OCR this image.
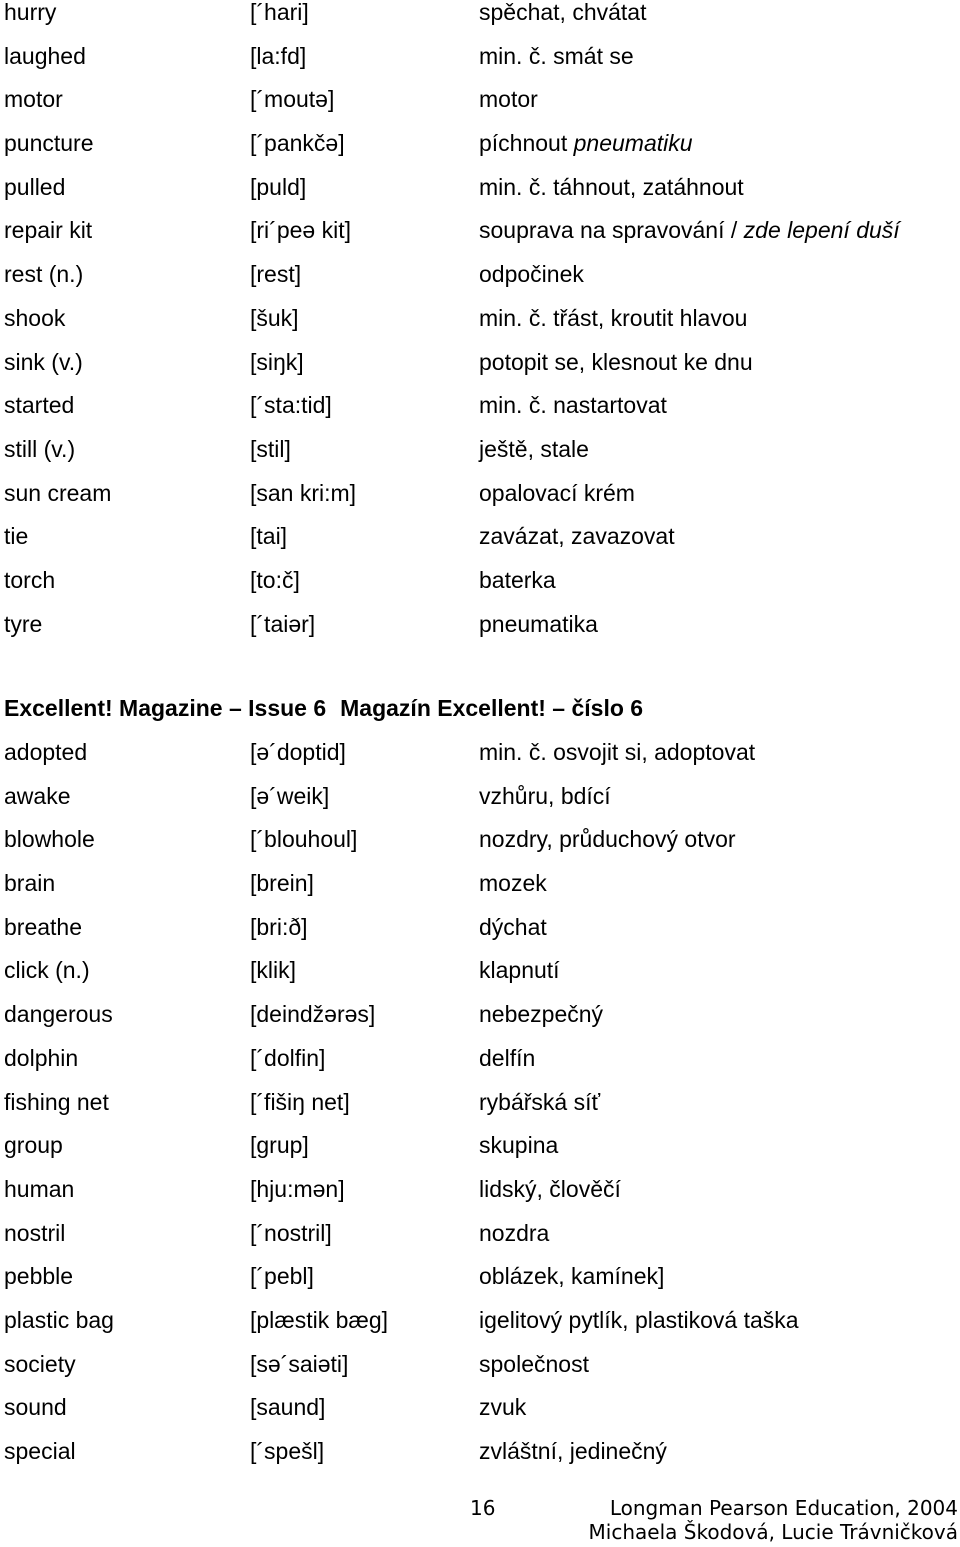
hurry	[´hari]	spěchat, chvátat
laughed	[la:fd]	min. č. smát se
motor	[´moutə]	motor
puncture	[´pankčə]	píchnout pneumatiku
pulled	[puld]	min. č. táhnout, zatáhnout
repair kit	[ri´peə kit]	souprava na spravování / zde lepení duší
rest (n.)	[rest]	odpočinek
shook	[šuk]	min. č. třást, kroutit hlavou
sink (v.)	[siŋk]	potopit se, klesnout ke dnu
started	[´sta:tid]	min. č. nastartovat
still (v.)	[stil]	ještě, stale
sun cream	[san kri:m]	opalovací krém
tie	[tai]	zavázat, zavazovat
torch	[to:č]	baterka
tyre	[´taiər]	pneumatika
Excellent! Magazine – Issue 6 Magazín Excellent! – číslo 6
adopted	[ə´doptid]	min. č. osvojit si, adoptovat
awake	[ə´weik]	vzhůru, bdící
blowhole	[´blouhoul]	nozdry, průduchový otvor
brain	[brein]	mozek
breathe	[bri:ð]	dýchat
click (n.)	[klik]	klapnutí
dangerous	[deindžərəs]	nebezpečný
dolphin	[´dolfin]	delfín
fishing net	[´fišiŋ net]	rybářská síť
group	[grup]	skupina
human	[hju:mən]	lidský, člověčí
nostril	[´nostril]	nozdra
pebble	[´pebl]	oblázek, kamínek]
plastic bag	[plæstik bæg]	igelitový pytlík, plastiková taška
society	[sə´saiəti]	společnost
sound	[saund]	zvuk
special	[´spešl]	zvláštní, jedinečný
16	Longman Pearson Education, 2004
Michaela Škodová, Lucie Trávničková
